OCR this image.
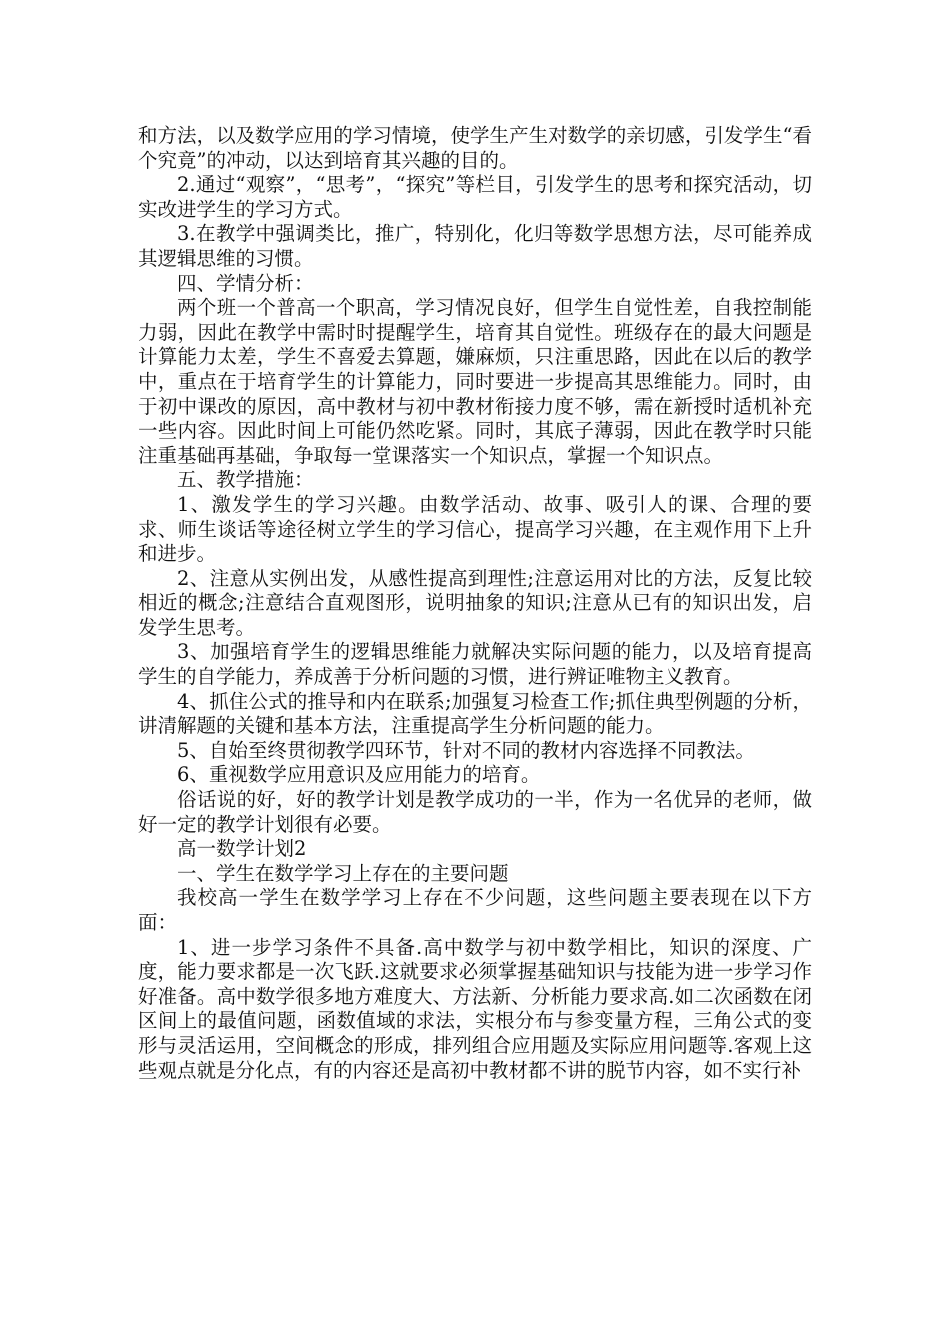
和方法，以及数学应用的学习情境，使学生产生对数学的亲切感，引发学生“看个究竟”的冲动，以达到培育其兴趣的目的。

2.通过“观察”，“思考”，“探究”等栏目，引发学生的思考和探究活动，切实改进学生的学习方式。

3.在教学中强调类比，推广，特别化，化归等数学思想方法，尽可能养成其逻辑思维的习惯。

四、学情分析：

两个班一个普高一个职高，学习情况良好，但学生自觉性差，自我控制能力弱，因此在教学中需时时提醒学生，培育其自觉性。班级存在的最大问题是计算能力太差，学生不喜爱去算题，嫌麻烦，只注重思路，因此在以后的教学中，重点在于培育学生的计算能力，同时要进一步提高其思维能力。同时，由于初中课改的原因，高中教材与初中教材衔接力度不够，需在新授时适机补充一些内容。因此时间上可能仍然吃紧。同时，其底子薄弱，因此在教学时只能注重基础再基础，争取每一堂课落实一个知识点，掌握一个知识点。

五、教学措施：

1、激发学生的学习兴趣。由数学活动、故事、吸引人的课、合理的要求、师生谈话等途径树立学生的学习信心，提高学习兴趣，在主观作用下上升和进步。

2、注意从实例出发，从感性提高到理性;注意运用对比的方法，反复比较相近的概念;注意结合直观图形，说明抽象的知识;注意从已有的知识出发，启发学生思考。

3、加强培育学生的逻辑思维能力就解决实际问题的能力，以及培育提高学生的自学能力，养成善于分析问题的习惯，进行辨证唯物主义教育。

4、抓住公式的推导和内在联系;加强复习检查工作;抓住典型例题的分析，讲清解题的关键和基本方法，注重提高学生分析问题的能力。

5、自始至终贯彻教学四环节，针对不同的教材内容选择不同教法。

6、重视数学应用意识及应用能力的培育。

俗话说的好，好的教学计划是教学成功的一半，作为一名优异的老师，做好一定的教学计划很有必要。

高一数学计划2

一、学生在数学学习上存在的主要问题

我校高一学生在数学学习上存在不少问题，这些问题主要表现在以下方面：

1、进一步学习条件不具备.高中数学与初中数学相比，知识的深度、广度，能力要求都是一次飞跃.这就要求必须掌握基础知识与技能为进一步学习作好准备。高中数学很多地方难度大、方法新、分析能力要求高.如二次函数在闭区间上的最值问题，函数值域的求法，实根分布与参变量方程，三角公式的变形与灵活运用，空间概念的形成，排列组合应用题及实际应用问题等.客观上这些观点就是分化点，有的内容还是高初中教材都不讲的脱节内容，如不实行补
